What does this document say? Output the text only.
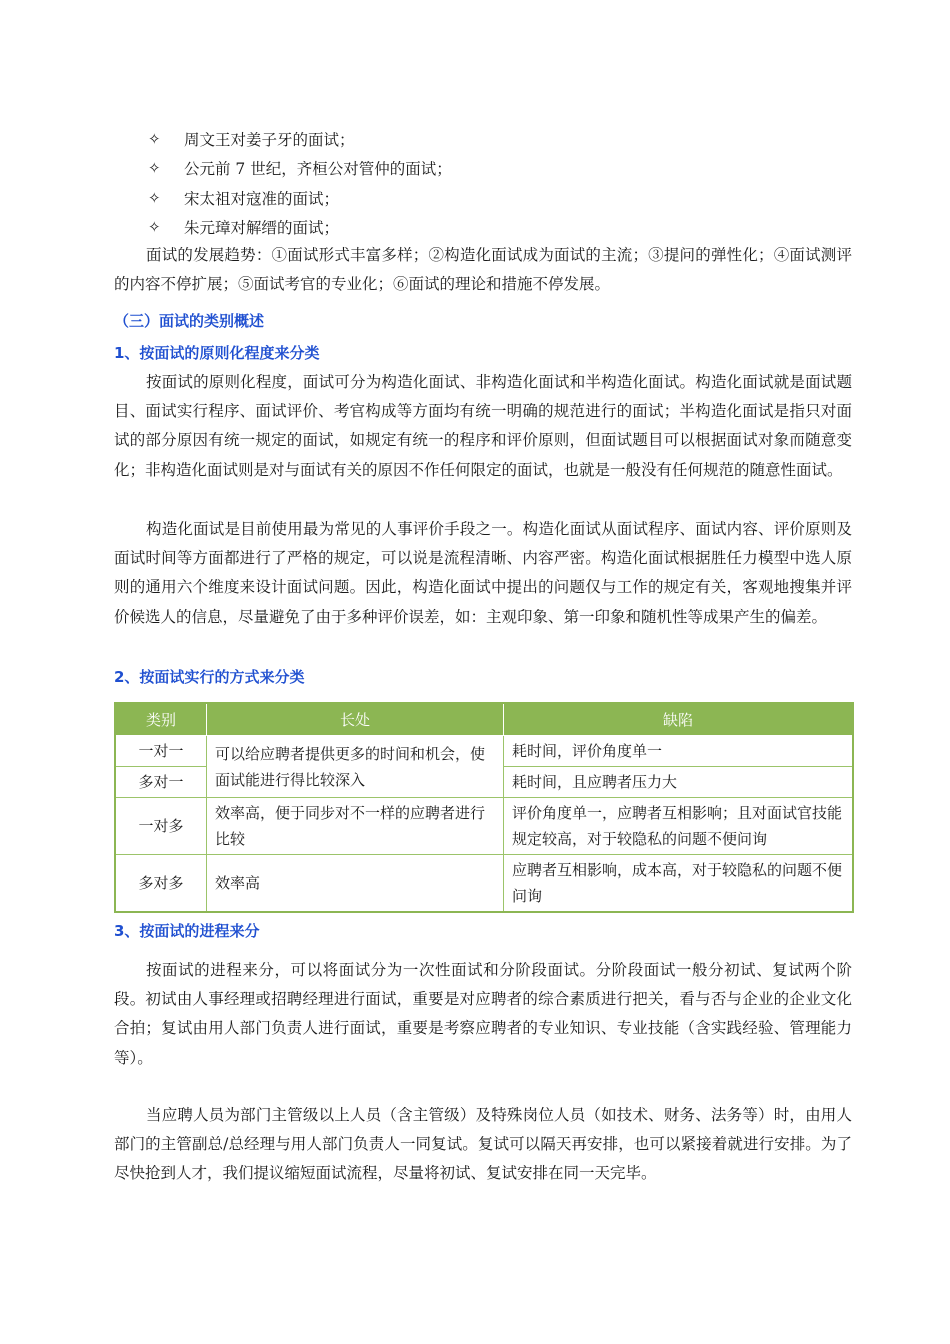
✧	周文王对姜子牙的面试；
✧	公元前 7 世纪，齐桓公对管仲的面试；
✧	宋太祖对寇准的面试；
✧	朱元璋对解缙的面试；

面试的发展趋势：①面试形式丰富多样；②构造化面试成为面试的主流；③提问的弹性化；④面试测评的内容不停扩展；⑤面试考官的专业化；⑥面试的理论和措施不停发展。

（三）面试的类别概述
1、按面试的原则化程度来分类

按面试的原则化程度，面试可分为构造化面试、非构造化面试和半构造化面试。构造化面试就是面试题目、面试实行程序、面试评价、考官构成等方面均有统一明确的规范进行的面试；半构造化面试是指只对面试的部分原因有统一规定的面试，如规定有统一的程序和评价原则，但面试题目可以根据面试对象而随意变化；非构造化面试则是对与面试有关的原因不作任何限定的面试，也就是一般没有任何规范的随意性面试。

构造化面试是目前使用最为常见的人事评价手段之一。构造化面试从面试程序、面试内容、评价原则及面试时间等方面都进行了严格的规定，可以说是流程清晰、内容严密。构造化面试根据胜任力模型中选人原则的通用六个维度来设计面试问题。因此，构造化面试中提出的问题仅与工作的规定有关，客观地搜集并评价候选人的信息，尽量避免了由于多种评价误差，如：主观印象、第一印象和随机性等成果产生的偏差。

2、按面试实行的方式来分类
类别	长处	缺陷
一对一	可以给应聘者提供更多的时间和机会，使面试能进行得比较深入	耗时间，评价角度单一
多对一		耗时间，且应聘者压力大
一对多	效率高，便于同步对不一样的应聘者进行比较	评价角度单一，应聘者互相影响；且对面试官技能规定较高，对于较隐私的问题不便问询
多对多	效率高	应聘者互相影响，成本高，对于较隐私的问题不便问询
3、按面试的进程来分

按面试的进程来分，可以将面试分为一次性面试和分阶段面试。分阶段面试一般分初试、复试两个阶段。初试由人事经理或招聘经理进行面试，重要是对应聘者的综合素质进行把关，看与否与企业的企业文化合拍；复试由用人部门负责人进行面试，重要是考察应聘者的专业知识、专业技能（含实践经验、管理能力等）。

当应聘人员为部门主管级以上人员（含主管级）及特殊岗位人员（如技术、财务、法务等）时，由用人部门的主管副总/总经理与用人部门负责人一同复试。复试可以隔天再安排，也可以紧接着就进行安排。为了尽快抢到人才，我们提议缩短面试流程，尽量将初试、复试安排在同一天完毕。
